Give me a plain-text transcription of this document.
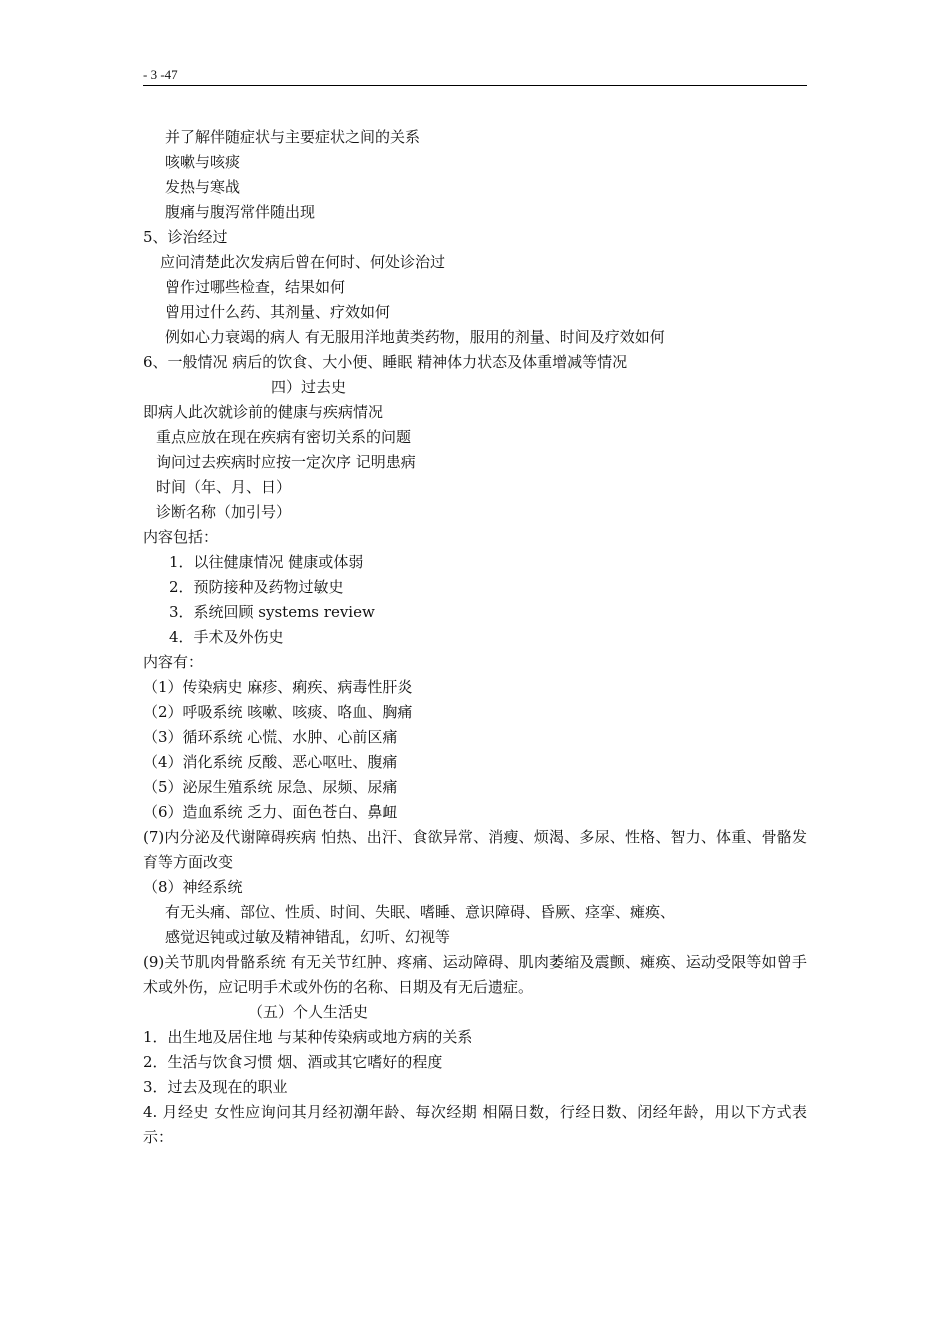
- 3 -47
并了解伴随症状与主要症状之间的关系
咳嗽与咳痰
发热与寒战
腹痛与腹泻常伴随出现
5、诊治经过
应问清楚此次发病后曾在何时、何处诊治过
曾作过哪些检查，结果如何
曾用过什么药、其剂量、疗效如何
例如心力衰竭的病人 有无服用洋地黄类药物，服用的剂量、时间及疗效如何
6、一般情况 病后的饮食、大小便、睡眠 精神体力状态及体重增减等情况
四）过去史
即病人此次就诊前的健康与疾病情况
重点应放在现在疾病有密切关系的问题
询问过去疾病时应按一定次序 记明患病
时间（年、月、日）
诊断名称（加引号）
内容包括：
1．以往健康情况 健康或体弱
2．预防接种及药物过敏史
3．系统回顾 systems review
4．手术及外伤史
内容有：
（1）传染病史 麻疹、痢疾、病毒性肝炎
（2）呼吸系统 咳嗽、咳痰、咯血、胸痛
（3）循环系统 心慌、水肿、心前区痛
（4）消化系统 反酸、恶心呕吐、腹痛
（5）泌尿生殖系统 尿急、尿频、尿痛
（6）造血系统 乏力、面色苍白、鼻衄
(7)内分泌及代谢障碍疾病 怕热、出汗、食欲异常、消瘦、烦渴、多尿、性格、智力、体重、骨骼发育等方面改变
（8）神经系统
有无头痛、部位、性质、时间、失眠、嗜睡、意识障碍、昏厥、痉挛、瘫痪、
感觉迟钝或过敏及精神错乱，幻听、幻视等
(9)关节肌肉骨骼系统 有无关节红肿、疼痛、运动障碍、肌肉萎缩及震颤、瘫痪、运动受限等如曾手术或外伤，应记明手术或外伤的名称、日期及有无后遗症。
（五）个人生活史
1．出生地及居住地 与某种传染病或地方病的关系
2．生活与饮食习惯 烟、酒或其它嗜好的程度
3．过去及现在的职业
4. 月经史 女性应询问其月经初潮年龄、每次经期 相隔日数，行经日数、闭经年龄，用以下方式表示：
